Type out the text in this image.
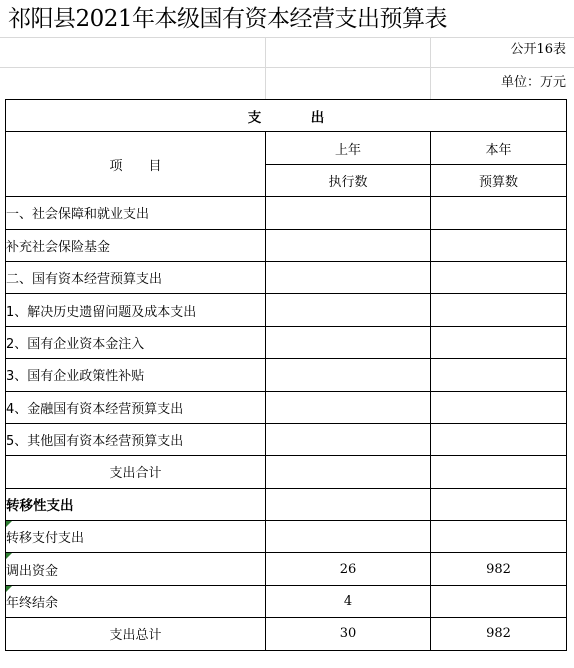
祁阳县2021年本级国有资本经营支出预算表
公开16表
单位：万元
支　出		
项　　目	上年	本年
	执行数	预算数
一、社会保障和就业支出		
补充社会保险基金		
二、国有资本经营预算支出		
1、解决历史遗留问题及成本支出		
2、国有企业资本金注入		
3、国有企业政策性补贴		
4、金融国有资本经营预算支出		
5、其他国有资本经营预算支出		
支出合计		
转移性支出		
转移支付支出		
调出资金	26	982
年终结余	4	
支出总计	30	982
